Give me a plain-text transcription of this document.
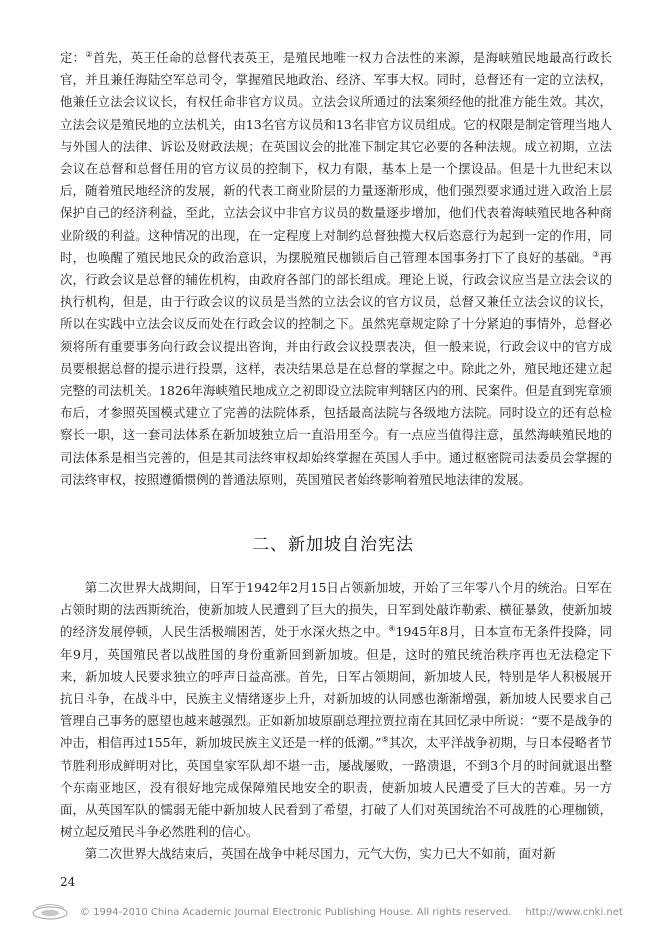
定：②首先，英王任命的总督代表英王，是殖民地唯一权力合法性的来源，是海峡殖民地最高行政长官，并且兼任海陆空军总司令，掌握殖民地政治、经济、军事大权。同时，总督还有一定的立法权，他兼任立法会议议长，有权任命非官方议员。立法会议所通过的法案须经他的批准方能生效。其次，立法会议是殖民地的立法机关，由13名官方议员和13名非官方议员组成。它的权限是制定管理当地人与外国人的法律、诉讼及财政法规；在英国议会的批准下制定其它必要的各种法规。成立初期，立法会议在总督和总督任用的官方议员的控制下，权力有限，基本上是一个摆设品。但是十九世纪末以后，随着殖民地经济的发展，新的代表工商业阶层的力量逐渐形成，他们强烈要求通过进入政治上层保护自己的经济利益，至此，立法会议中非官方议员的数量逐步增加，他们代表着海峡殖民地各种商业阶级的利益。这种情况的出现，在一定程度上对制约总督独揽大权后恣意行为起到一定的作用，同时，也唤醒了殖民地民众的政治意识，为摆脱殖民枷锁后自己管理本国事务打下了良好的基础。③再次，行政会议是总督的辅佐机构，由政府各部门的部长组成。理论上说，行政会议应当是立法会议的执行机构，但是，由于行政会议的议员是当然的立法会议的官方议员，总督又兼任立法会议的议长，所以在实践中立法会议反而处在行政会议的控制之下。虽然宪章规定除了十分紧迫的事情外，总督必须将所有重要事务向行政会议提出咨询，并由行政会议投票表决，但一般来说，行政会议中的官方成员要根据总督的提示进行投票，这样，表决结果总是在总督的掌握之中。除此之外，殖民地还建立起完整的司法机关。1826年海峡殖民地成立之初即设立法院审判辖区内的刑、民案件。但是直到宪章颁布后，才参照英国模式建立了完善的法院体系，包括最高法院与各级地方法院。同时设立的还有总检察长一职，这一套司法体系在新加坡独立后一直沿用至今。有一点应当值得注意，虽然海峡殖民地的司法体系是相当完善的，但是其司法终审权却始终掌握在英国人手中。通过枢密院司法委员会掌握的司法终审权，按照遵循惯例的普通法原则，英国殖民者始终影响着殖民地法律的发展。

二、新加坡自治宪法

第二次世界大战期间，日军于1942年2月15日占领新加坡，开始了三年零八个月的统治。日军在占领时期的法西斯统治，使新加坡人民遭到了巨大的损失，日军到处敲诈勒索、横征暴敛，使新加坡的经济发展停顿，人民生活极端困苦，处于水深火热之中。④1945年8月，日本宣布无条件投降，同年9月，英国殖民者以战胜国的身份重新回到新加坡。但是，这时的殖民统治秩序再也无法稳定下来，新加坡人民要求独立的呼声日益高涨。首先，日军占领期间，新加坡人民，特别是华人积极展开抗日斗争，在战斗中，民族主义情绪逐步上升，对新加坡的认同感也渐渐增强，新加坡人民要求自己管理自己事务的愿望也越来越强烈。正如新加坡原副总理拉贾拉南在其回忆录中所说：“要不是战争的冲击，相信再过155年，新加坡民族主义还是一样的低潮。”⑤其次，太平洋战争初期，与日本侵略者节节胜利形成鲜明对比，英国皇家军队却不堪一击，屡战屡败，一路溃退，不到3个月的时间就退出整个东南亚地区，没有很好地完成保障殖民地安全的职责，使新加坡人民遭受了巨大的苦难。另一方面，从英国军队的懦弱无能中新加坡人民看到了希望，打破了人们对英国统治不可战胜的心理枷锁，树立起反殖民斗争必然胜利的信心。

第二次世界大战结束后，英国在战争中耗尽国力，元气大伤，实力已大不如前，面对新

24
© 1994-2010 China Academic Journal Electronic Publishing House. All rights reserved. http://www.cnki.net
